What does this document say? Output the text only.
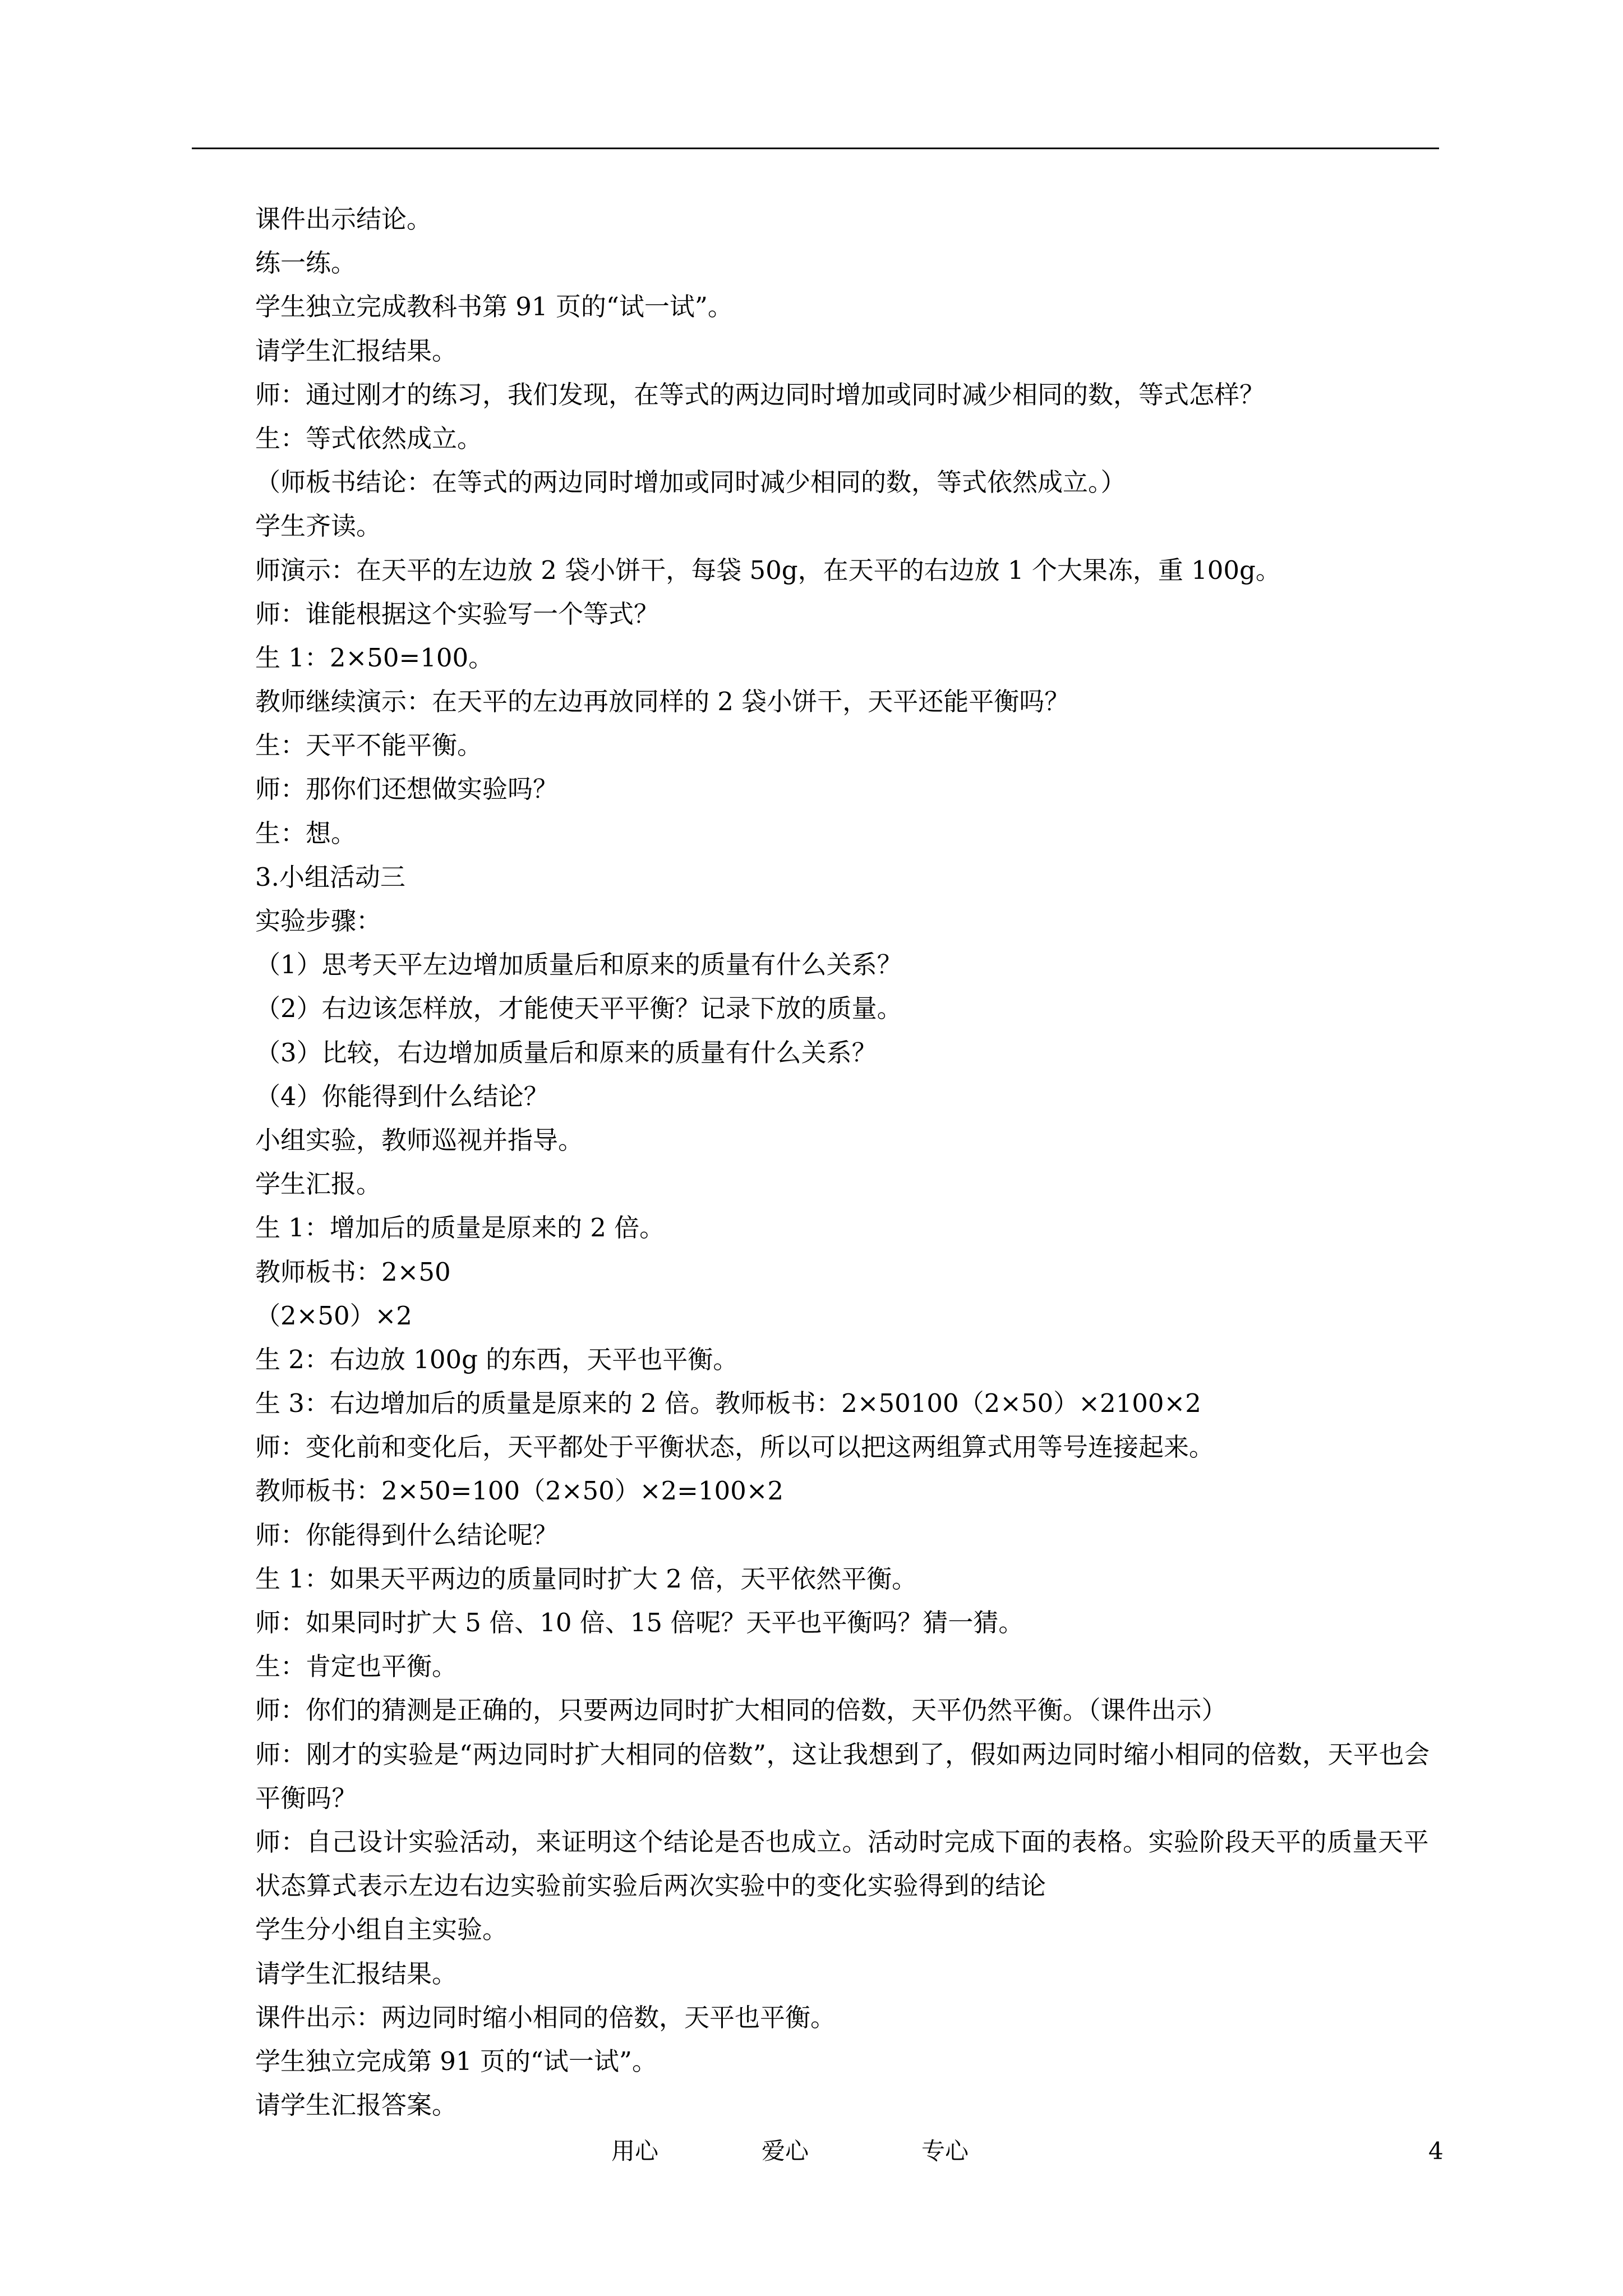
课件出示结论。
练一练。
学生独立完成教科书第 91 页的“试一试”。
请学生汇报结果。
师：通过刚才的练习，我们发现，在等式的两边同时增加或同时减少相同的数，等式怎样？
生：等式依然成立。
（师板书结论：在等式的两边同时增加或同时减少相同的数，等式依然成立。）
学生齐读。
师演示：在天平的左边放 2 袋小饼干，每袋 50g，在天平的右边放 1 个大果冻，重 100g。
师：谁能根据这个实验写一个等式？
生 1：2×50=100。
教师继续演示：在天平的左边再放同样的 2 袋小饼干，天平还能平衡吗？
生：天平不能平衡。
师：那你们还想做实验吗？
生：想。
3.小组活动三
实验步骤：
（1）思考天平左边增加质量后和原来的质量有什么关系？
（2）右边该怎样放，才能使天平平衡？记录下放的质量。
（3）比较，右边增加质量后和原来的质量有什么关系？
（4）你能得到什么结论？
小组实验，教师巡视并指导。
学生汇报。
生 1：增加后的质量是原来的 2 倍。
教师板书：2×50
（2×50）×2
生 2：右边放 100g 的东西，天平也平衡。
生 3：右边增加后的质量是原来的 2 倍。教师板书：2×50100（2×50）×2100×2
师：变化前和变化后，天平都处于平衡状态，所以可以把这两组算式用等号连接起来。
教师板书：2×50=100（2×50）×2=100×2
师：你能得到什么结论呢？
生 1：如果天平两边的质量同时扩大 2 倍，天平依然平衡。
师：如果同时扩大 5 倍、10 倍、15 倍呢？天平也平衡吗？猜一猜。
生：肯定也平衡。
师：你们的猜测是正确的，只要两边同时扩大相同的倍数，天平仍然平衡。（课件出示）
师：刚才的实验是“两边同时扩大相同的倍数”，这让我想到了，假如两边同时缩小相同的倍数，天平也会平衡吗？
师：自己设计实验活动，来证明这个结论是否也成立。活动时完成下面的表格。实验阶段天平的质量天平状态算式表示左边右边实验前实验后两次实验中的变化实验得到的结论
学生分小组自主实验。
请学生汇报结果。
课件出示：两边同时缩小相同的倍数，天平也平衡。
学生独立完成第 91 页的“试一试”。
请学生汇报答案。
用心	爱心	专心	4
